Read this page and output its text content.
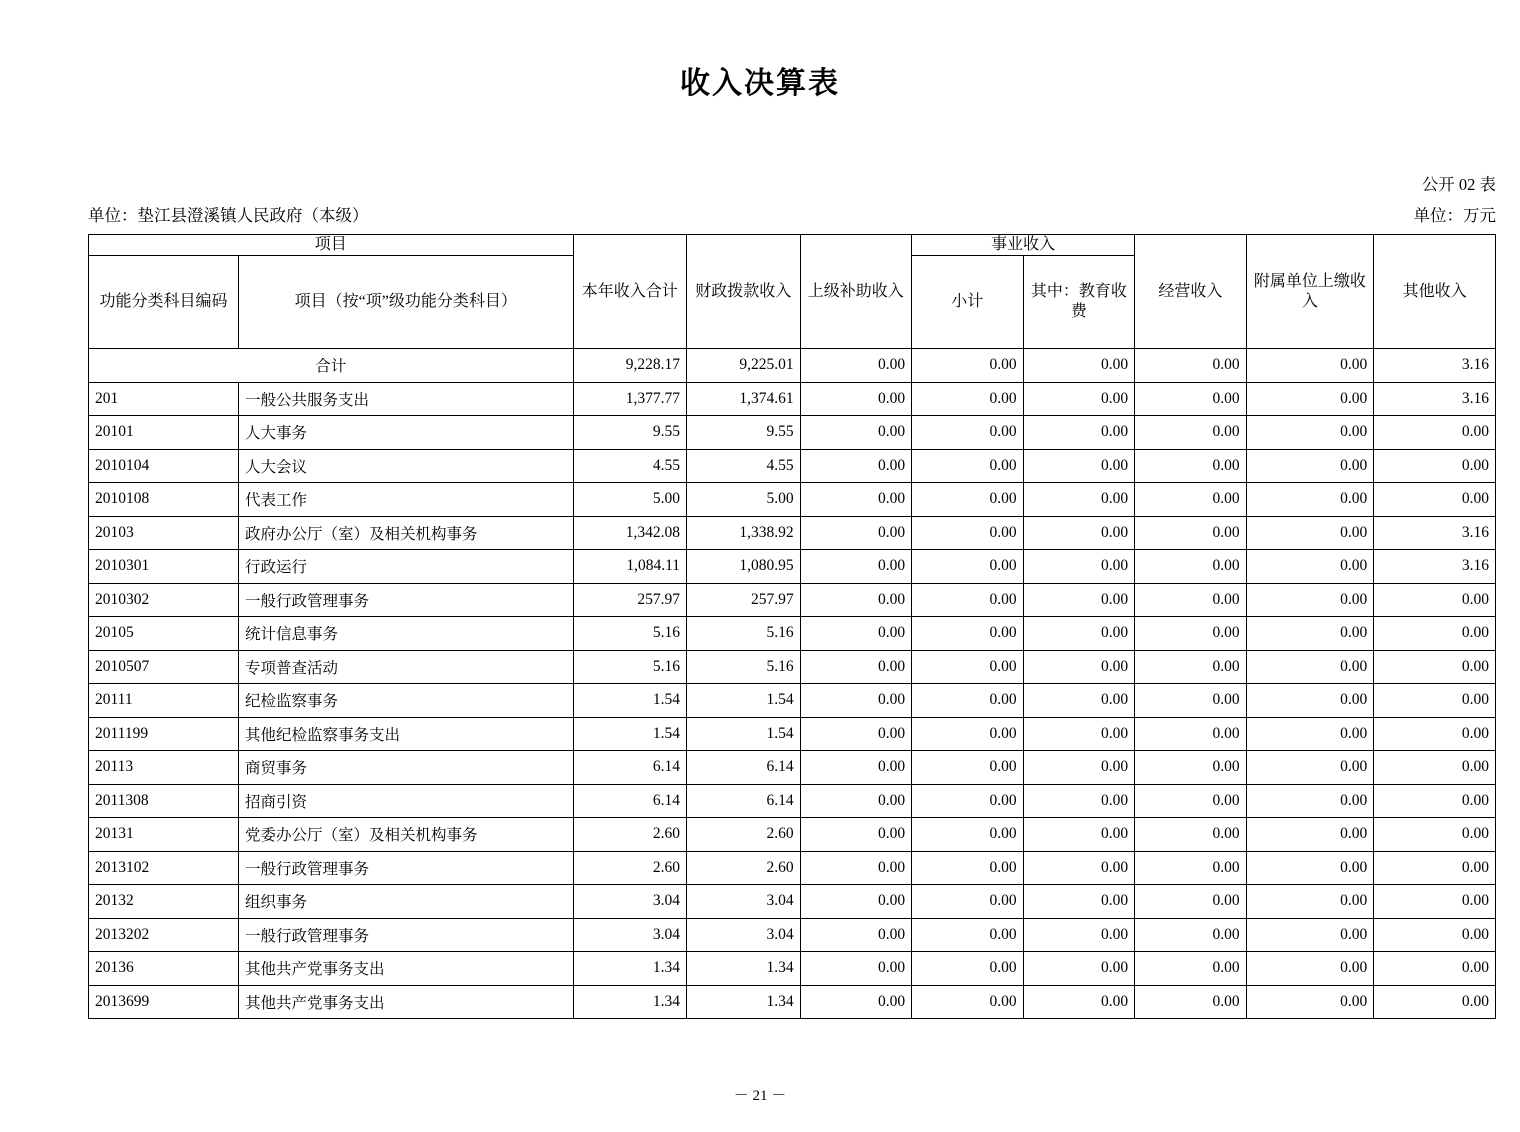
收入决算表
公开 02 表
单位：垫江县澄溪镇人民政府（本级）	单位：万元
项目		本年收入合计	财政拨款收入	上级补助收入	事业收入		经营收入	附属单位上缴收入	其他收入
功能分类科目编码	项目（按“项”级功能分类科目）				小计	其中：教育收费			
合计		9,228.17	9,225.01	0.00	0.00	0.00	0.00	0.00	3.16
201	一般公共服务支出	1,377.77	1,374.61	0.00	0.00	0.00	0.00	0.00	3.16
20101	人大事务	9.55	9.55	0.00	0.00	0.00	0.00	0.00	0.00
2010104	人大会议	4.55	4.55	0.00	0.00	0.00	0.00	0.00	0.00
2010108	代表工作	5.00	5.00	0.00	0.00	0.00	0.00	0.00	0.00
20103	政府办公厅（室）及相关机构事务	1,342.08	1,338.92	0.00	0.00	0.00	0.00	0.00	3.16
2010301	行政运行	1,084.11	1,080.95	0.00	0.00	0.00	0.00	0.00	3.16
2010302	一般行政管理事务	257.97	257.97	0.00	0.00	0.00	0.00	0.00	0.00
20105	统计信息事务	5.16	5.16	0.00	0.00	0.00	0.00	0.00	0.00
2010507	专项普查活动	5.16	5.16	0.00	0.00	0.00	0.00	0.00	0.00
20111	纪检监察事务	1.54	1.54	0.00	0.00	0.00	0.00	0.00	0.00
2011199	其他纪检监察事务支出	1.54	1.54	0.00	0.00	0.00	0.00	0.00	0.00
20113	商贸事务	6.14	6.14	0.00	0.00	0.00	0.00	0.00	0.00
2011308	招商引资	6.14	6.14	0.00	0.00	0.00	0.00	0.00	0.00
20131	党委办公厅（室）及相关机构事务	2.60	2.60	0.00	0.00	0.00	0.00	0.00	0.00
2013102	一般行政管理事务	2.60	2.60	0.00	0.00	0.00	0.00	0.00	0.00
20132	组织事务	3.04	3.04	0.00	0.00	0.00	0.00	0.00	0.00
2013202	一般行政管理事务	3.04	3.04	0.00	0.00	0.00	0.00	0.00	0.00
20136	其他共产党事务支出	1.34	1.34	0.00	0.00	0.00	0.00	0.00	0.00
2013699	其他共产党事务支出	1.34	1.34	0.00	0.00	0.00	0.00	0.00	0.00
－ 21 －
